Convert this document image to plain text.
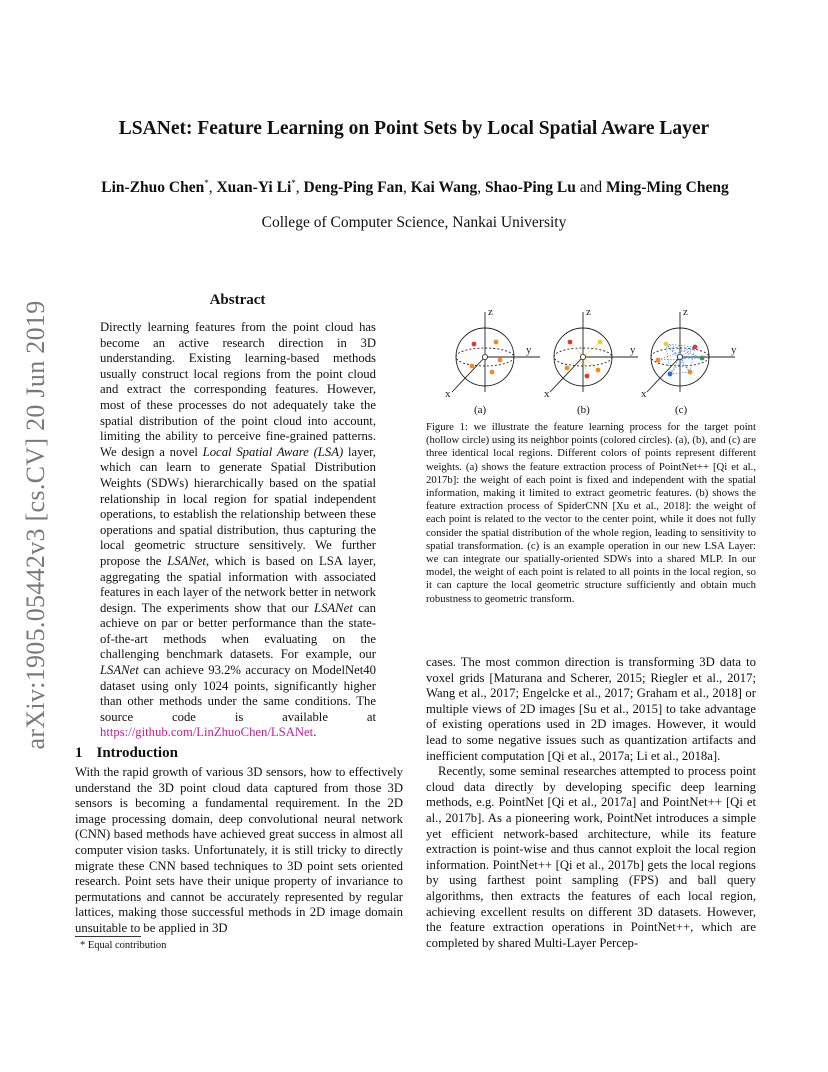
arXiv:1905.05442v3 [cs.CV] 20 Jun 2019
LSANet: Feature Learning on Point Sets by Local Spatial Aware Layer
Lin-Zhuo Chen*, Xuan-Yi Li*, Deng-Ping Fan, Kai Wang, Shao-Ping Lu and Ming-Ming Cheng
College of Computer Science, Nankai University
Abstract
Directly learning features from the point cloud has become an active research direction in 3D understanding. Existing learning-based methods usually construct local regions from the point cloud and extract the corresponding features. However, most of these processes do not adequately take the spatial distribution of the point cloud into account, limiting the ability to perceive fine-grained patterns. We design a novel Local Spatial Aware (LSA) layer, which can learn to generate Spatial Distribution Weights (SDWs) hierarchically based on the spatial relationship in local region for spatial independent operations, to establish the relationship between these operations and spatial distribution, thus capturing the local geometric structure sensitively. We further propose the LSANet, which is based on LSA layer, aggregating the spatial information with associated features in each layer of the network better in network design. The experiments show that our LSANet can achieve on par or better performance than the state-of-the-art methods when evaluating on the challenging benchmark datasets. For example, our LSANet can achieve 93.2% accuracy on ModelNet40 dataset using only 1024 points, significantly higher than other methods under the same conditions. The source code is available at https://github.com/LinZhuoChen/LSANet.
1 Introduction
With the rapid growth of various 3D sensors, how to effectively understand the 3D point cloud data captured from those 3D sensors is becoming a fundamental requirement. In the 2D image processing domain, deep convolutional neural network (CNN) based methods have achieved great success in almost all computer vision tasks. Unfortunately, it is still tricky to directly migrate these CNN based techniques to 3D point sets oriented research. Point sets have their unique property of invariance to permutations and cannot be accurately represented by regular lattices, making those successful methods in 2D image domain unsuitable to be applied in 3D
* Equal contribution
z
y
x
z
y
x
z
y
x
(a)	(b)	(c)
Figure 1: we illustrate the feature learning process for the target point (hollow circle) using its neighbor points (colored circles). (a), (b), and (c) are three identical local regions. Different colors of points represent different weights. (a) shows the feature extraction process of PointNet++ [Qi et al., 2017b]: the weight of each point is fixed and independent with the spatial information, making it limited to extract geometric features. (b) shows the feature extraction process of SpiderCNN [Xu et al., 2018]: the weight of each point is related to the vector to the center point, while it does not fully consider the spatial distribution of the whole region, leading to sensitivity to spatial transformation. (c) is an example operation in our new LSA Layer: we can integrate our spatially-oriented SDWs into a shared MLP. In our model, the weight of each point is related to all points in the local region, so it can capture the local geometric structure sufficiently and obtain much robustness to geometric transform.

cases. The most common direction is transforming 3D data to voxel grids [Maturana and Scherer, 2015; Riegler et al., 2017; Wang et al., 2017; Engelcke et al., 2017; Graham et al., 2018] or multiple views of 2D images [Su et al., 2015] to take advantage of existing operations used in 2D images. However, it would lead to some negative issues such as quantization artifacts and inefficient computation [Qi et al., 2017a; Li et al., 2018a].

Recently, some seminal researches attempted to process point cloud data directly by developing specific deep learning methods, e.g. PointNet [Qi et al., 2017a] and PointNet++ [Qi et al., 2017b]. As a pioneering work, PointNet introduces a simple yet efficient network-based architecture, while its feature extraction is point-wise and thus cannot exploit the local region information. PointNet++ [Qi et al., 2017b] gets the local regions by using farthest point sampling (FPS) and ball query algorithms, then extracts the features of each local region, achieving excellent results on different 3D datasets. However, the feature extraction operations in PointNet++, which are completed by shared Multi-Layer Percep-
